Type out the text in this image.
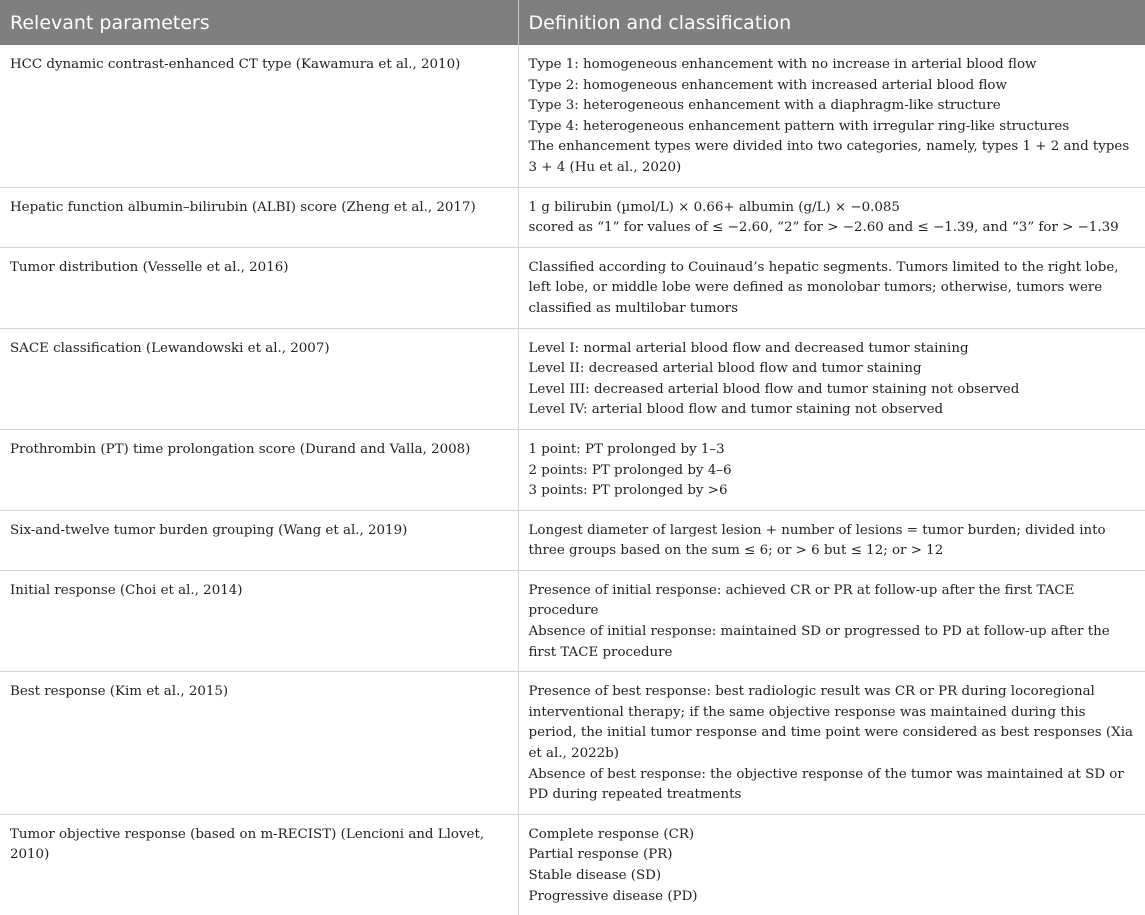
Relevant parameters	Definition and classification
HCC dynamic contrast-enhanced CT type (Kawamura et al., 2010)	Type 1: homogeneous enhancement with no increase in arterial blood flow
Type 2: homogeneous enhancement with increased arterial blood flow
Type 3: heterogeneous enhancement with a diaphragm-like structure
Type 4: heterogeneous enhancement pattern with irregular ring-like structures
The enhancement types were divided into two categories, namely, types 1 + 2 and types 3 + 4 (Hu et al., 2020)

Hepatic function albumin–bilirubin (ALBI) score (Zheng et al., 2017)	1 g bilirubin (µmol/L) × 0.66+ albumin (g/L) × −0.085
scored as “1” for values of ≤ −2.60, “2” for > −2.60 and ≤ −1.39, and “3” for > −1.39

Tumor distribution (Vesselle et al., 2016)	Classified according to Couinaud’s hepatic segments. Tumors limited to the right lobe, left lobe, or middle lobe were defined as monolobar tumors; otherwise, tumors were classified as multilobar tumors

SACE classification (Lewandowski et al., 2007)	Level I: normal arterial blood flow and decreased tumor staining
Level II: decreased arterial blood flow and tumor staining
Level III: decreased arterial blood flow and tumor staining not observed
Level IV: arterial blood flow and tumor staining not observed

Prothrombin (PT) time prolongation score (Durand and Valla, 2008)	1 point: PT prolonged by 1–3
2 points: PT prolonged by 4–6
3 points: PT prolonged by >6

Six-and-twelve tumor burden grouping (Wang et al., 2019)	Longest diameter of largest lesion + number of lesions = tumor burden; divided into three groups based on the sum ≤ 6; or > 6 but ≤ 12; or > 12

Initial response (Choi et al., 2014)	Presence of initial response: achieved CR or PR at follow-up after the first TACE procedure
Absence of initial response: maintained SD or progressed to PD at follow-up after the first TACE procedure

Best response (Kim et al., 2015)	Presence of best response: best radiologic result was CR or PR during locoregional interventional therapy; if the same objective response was maintained during this period, the initial tumor response and time point were considered as best responses (Xia et al., 2022b)
Absence of best response: the objective response of the tumor was maintained at SD or PD during repeated treatments

Tumor objective response (based on m-RECIST) (Lencioni and Llovet, 2010)	Complete response (CR)
Partial response (PR)
Stable disease (SD)
Progressive disease (PD)
